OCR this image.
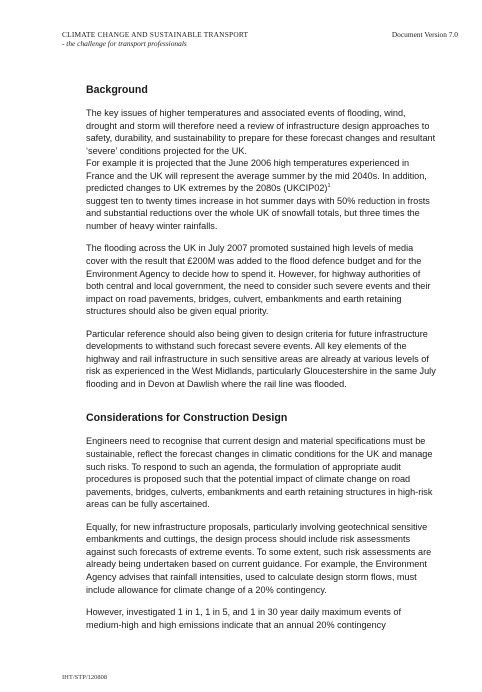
CLIMATE CHANGE AND SUSTAINABLE TRANSPORT
- the challenge for transport professionals
Document Version 7.0
Background

The key issues of higher temperatures and associated events of flooding, wind, drought and storm will therefore need a review of infrastructure design approaches to safety, durability, and sustainability to prepare for these forecast changes and resultant ‘severe’ conditions projected for the UK.

For example it is projected that the June 2006 high temperatures experienced in France and the UK will represent the average summer by the mid 2040s. In addition, predicted changes to UK extremes by the 2080s (UKCIP02)$^1$

suggest ten to twenty times increase in hot summer days with 50% reduction in frosts and substantial reductions over the whole UK of snowfall totals, but three times the number of heavy winter rainfalls.

The flooding across the UK in July 2007 promoted sustained high levels of media cover with the result that £200M was added to the flood defence budget and for the Environment Agency to decide how to spend it. However, for highway authorities of both central and local government, the need to consider such severe events and their impact on road pavements, bridges, culvert, embankments and earth retaining structures should also be given equal priority.

Particular reference should also being given to design criteria for future infrastructure developments to withstand such forecast severe events. All key elements of the highway and rail infrastructure in such sensitive areas are already at various levels of risk as experienced in the West Midlands, particularly Gloucestershire in the same July flooding and in Devon at Dawlish where the rail line was flooded.

Considerations for Construction Design

Engineers need to recognise that current design and material specifications must be sustainable, reflect the forecast changes in climatic conditions for the UK and manage such risks. To respond to such an agenda, the formulation of appropriate audit procedures is proposed such that the potential impact of climate change on road pavements, bridges, culverts, embankments and earth retaining structures in high-risk areas can be fully ascertained.

Equally, for new infrastructure proposals, particularly involving geotechnical sensitive embankments and cuttings, the design process should include risk assessments against such forecasts of extreme events. To some extent, such risk assessments are already being undertaken based on current guidance. For example, the Environment Agency advises that rainfall intensities, used to calculate design storm flows, must include allowance for climate change of a 20% contingency.

However, investigated 1 in 1, 1 in 5, and 1 in 30 year daily maximum events of medium-high and high emissions indicate that an annual 20% contingency

IHT/STP/120808
